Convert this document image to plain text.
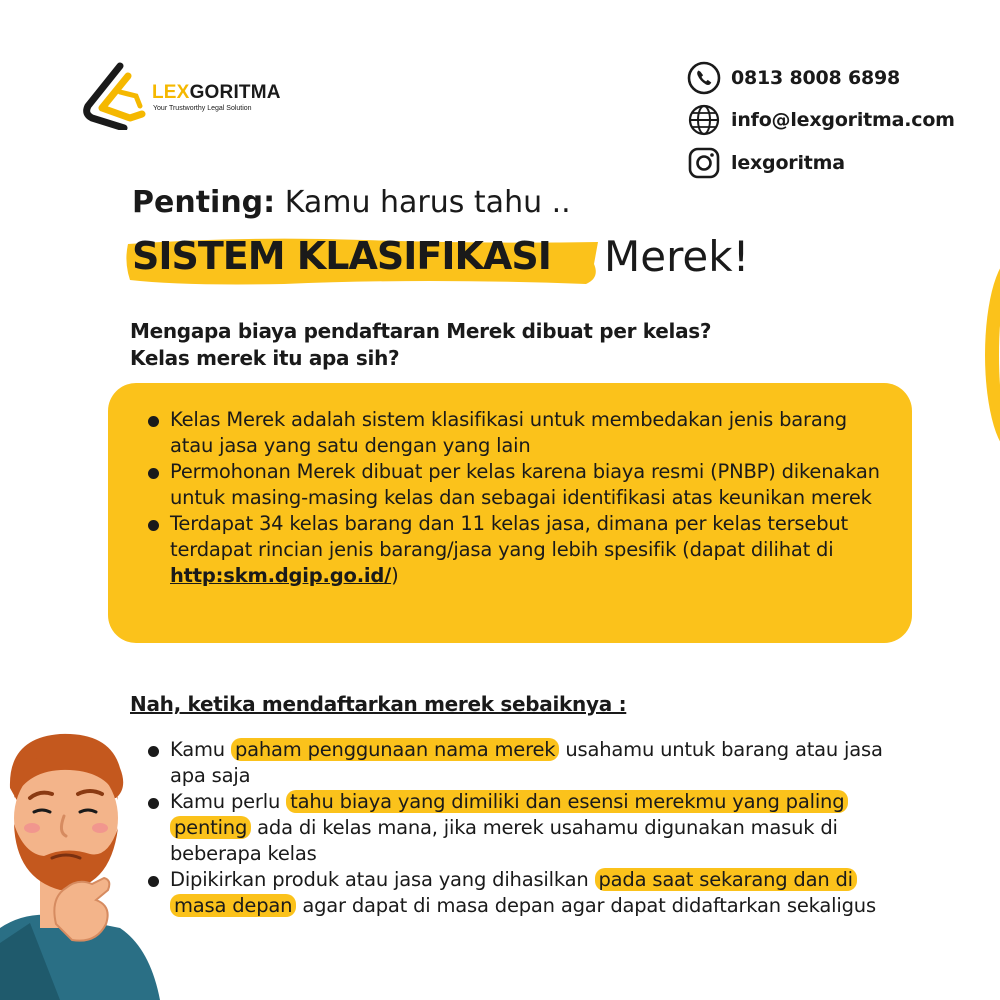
LEXGORITMA
Your Trustworthy Legal Solution
0813 8008 6898
info@lexgoritma.com
lexgoritma
Penting: Kamu harus tahu ..
SISTEM KLASIFIKASI Merek!
Mengapa biaya pendaftaran Merek dibuat per kelas?
Kelas merek itu apa sih?
Kelas Merek adalah sistem klasifikasi untuk membedakan jenis barang atau jasa yang satu dengan yang lain
Permohonan Merek dibuat per kelas karena biaya resmi (PNBP) dikenakan untuk masing-masing kelas dan sebagai identifikasi atas keunikan merek
Terdapat 34 kelas barang dan 11 kelas jasa, dimana per kelas tersebut terdapat rincian jenis barang/jasa yang lebih spesifik (dapat dilihat di http:skm.dgip.go.id/)
Nah, ketika mendaftarkan merek sebaiknya :
Kamu paham penggunaan nama merek usahamu untuk barang atau jasa apa saja
Kamu perlu tahu biaya yang dimiliki dan esensi merekmu yang paling penting ada di kelas mana, jika merek usahamu digunakan masuk di beberapa kelas
Dipikirkan produk atau jasa yang dihasilkan pada saat sekarang dan di masa depan agar dapat di masa depan agar dapat didaftarkan sekaligus
